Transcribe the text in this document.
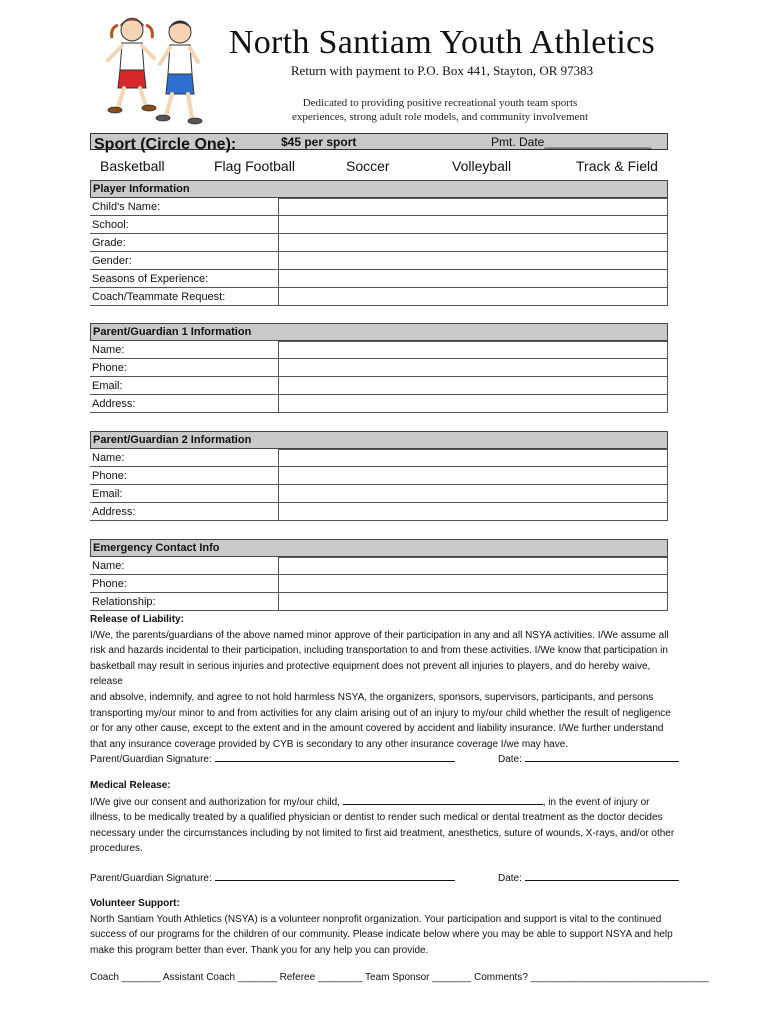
North Santiam Youth Athletics
Return with payment to P.O. Box 441, Stayton, OR 97383
Dedicated to providing positive recreational youth team sports
experiences, strong adult role models, and community involvement
Sport (Circle One):	$45 per sport	Pmt. Date________________
Basketball	Flag Football	Soccer	Volleyball	Track & Field
Player Information
Child's Name:
School:
Grade:
Gender:
Seasons of Experience:
Coach/Teammate Request:
Parent/Guardian 1 Information
Name:
Phone:
Email:
Address:
Parent/Guardian 2 Information
Name:
Phone:
Email:
Address:
Emergency Contact Info
Name:
Phone:
Relationship:
Release of Liability:
I/We, the parents/guardians of the above named minor approve of their participation in any and all NSYA activities. I/We assume all
risk and hazards incidental to their participation, including transportation to and from these activities. I/We know that participation in
basketball may result in serious injuries and protective equipment does not prevent all injuries to players, and do hereby waive, release
and absolve, indemnify, and agree to not hold harmless NSYA, the organizers, sponsors, supervisors, participants, and persons
transporting my/our minor to and from activities for any claim arising out of an injury to my/our child whether the result of negligence
or for any other cause, except to the extent and in the amount covered by accident and liability insurance. I/We further understand
that any insurance coverage provided by CYB is secondary to any other insurance coverage I/we may have.
Parent/Guardian Signature:	Date:
Medical Release:
I/We give our consent and authorization for my/our child,	, in the event of injury or
illness, to be medically treated by a qualified physician or dentist to render such medical or dental treatment as the doctor decides
necessary under the circumstances including by not limited to first aid treatment, anesthetics, suture of wounds, X-rays, and/or other
procedures.
Parent/Guardian Signature:	Date:
Volunteer Support:
North Santiam Youth Athletics (NSYA) is a volunteer nonprofit organization. Your participation and support is vital to the continued
success of our programs for the children of our community. Please indicate below where you may be able to support NSYA and help
make this program better than ever. Thank you for any help you can provide.
Coach _______ Assistant Coach _______ Referee ________ Team Sponsor _______ Comments? ________________________________
